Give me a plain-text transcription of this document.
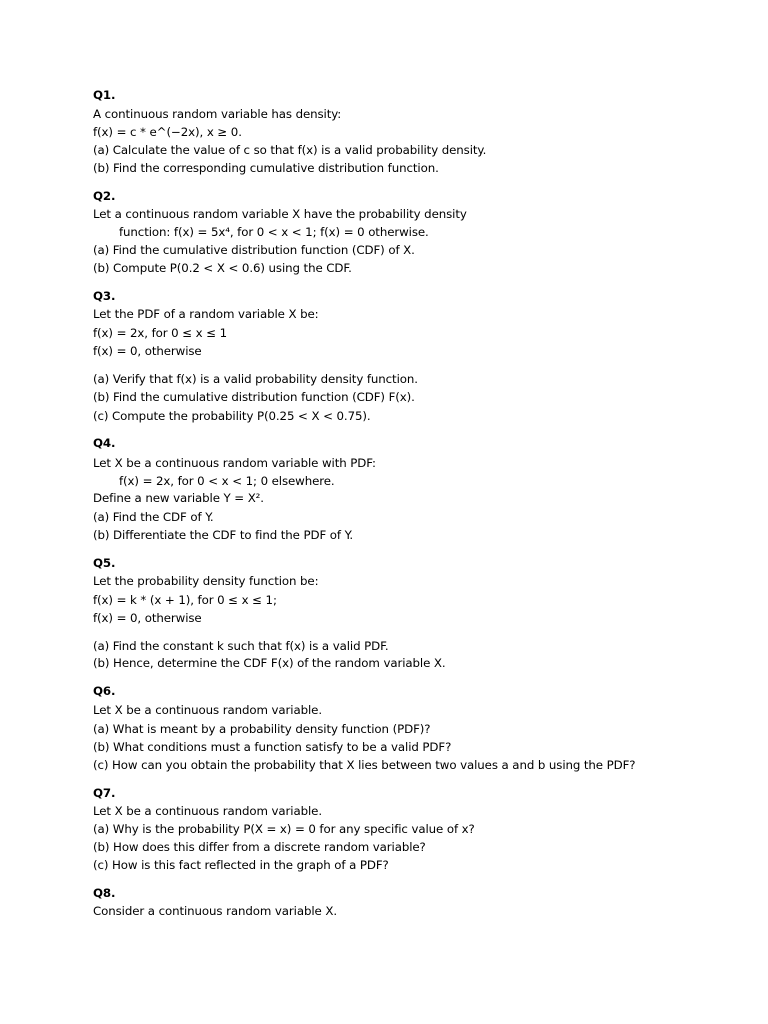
Q1.
A continuous random variable has density:
f(x) = c * e^(−2x), x ≥ 0.
(a) Calculate the value of c so that f(x) is a valid probability density.
(b) Find the corresponding cumulative distribution function.
Q2.
Let a continuous random variable X have the probability density
function: f(x) = 5x⁴, for 0 < x < 1; f(x) = 0 otherwise.
(a) Find the cumulative distribution function (CDF) of X.
(b) Compute P(0.2 < X < 0.6) using the CDF.
Q3.
Let the PDF of a random variable X be:
f(x) = 2x, for 0 ≤ x ≤ 1
f(x) = 0, otherwise
(a) Verify that f(x) is a valid probability density function.
(b) Find the cumulative distribution function (CDF) F(x).
(c) Compute the probability P(0.25 < X < 0.75).
Q4.
Let X be a continuous random variable with PDF:
f(x) = 2x, for 0 < x < 1; 0 elsewhere.
Define a new variable Y = X².
(a) Find the CDF of Y.
(b) Differentiate the CDF to find the PDF of Y.
Q5.
Let the probability density function be:
f(x) = k * (x + 1), for 0 ≤ x ≤ 1;
f(x) = 0, otherwise
(a) Find the constant k such that f(x) is a valid PDF.
(b) Hence, determine the CDF F(x) of the random variable X.
Q6.
Let X be a continuous random variable.
(a) What is meant by a probability density function (PDF)?
(b) What conditions must a function satisfy to be a valid PDF?
(c) How can you obtain the probability that X lies between two values a and b using the PDF?
Q7.
Let X be a continuous random variable.
(a) Why is the probability P(X = x) = 0 for any specific value of x?
(b) How does this differ from a discrete random variable?
(c) How is this fact reflected in the graph of a PDF?
Q8.
Consider a continuous random variable X.
